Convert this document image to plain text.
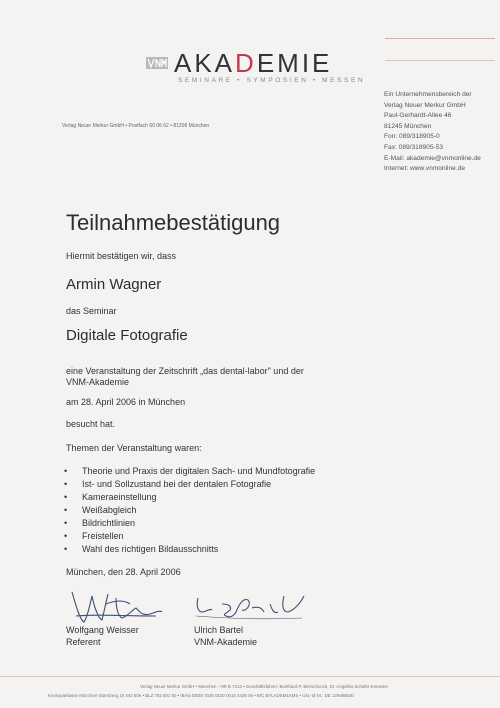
AKADEMIE
SEMINARE • SYMPOSIEN • MESSEN
Verlag Neuer Merkur GmbH • Postfach 60 06 62 • 81206 München
Ein Unternehmensbereich der
Verlag Neuer Merkur GmbH
Paul-Gerhardt-Allee 46
81245 München
Fon: 089/318905-0
Fax: 089/318905-53
E-Mail: akademie@vnmonline.de
Internet: www.vnmonline.de
Teilnahmebestätigung
Hiermit bestätigen wir, dass
Armin Wagner
das Seminar
Digitale Fotografie
eine Veranstaltung der Zeitschrift „das dental-labor" und der
VNM-Akademie
am 28. April 2006 in München
besucht hat.
Themen der Veranstaltung waren:
• Theorie und Praxis der digitalen Sach- und Mundfotografie
• Ist- und Sollzustand bei der dentalen Fotografie
• Kameraeinstellung
• Weißabgleich
• Bildrichtlinien
• Freistellen
• Wahl des richtigen Bildausschnitts
München, den 28. April 2006
Wolfgang Weisser
Referent
Ulrich Bartel
VNM-Akademie
Verlag Neuer Merkur GmbH • München - HR B 7413 • Geschäftsführer: Burkhard P. Bierschenck, Dr. Angelika Schafer-Kneesler
Kreissparkasse München-Starnberg 10 442 606 • BLZ 702 501 50 • IBAN DE65 7025 0150 0010 4426 06 • BIC BYLADEM1KMS • Ust.-Id Nr.: DE 129486530
